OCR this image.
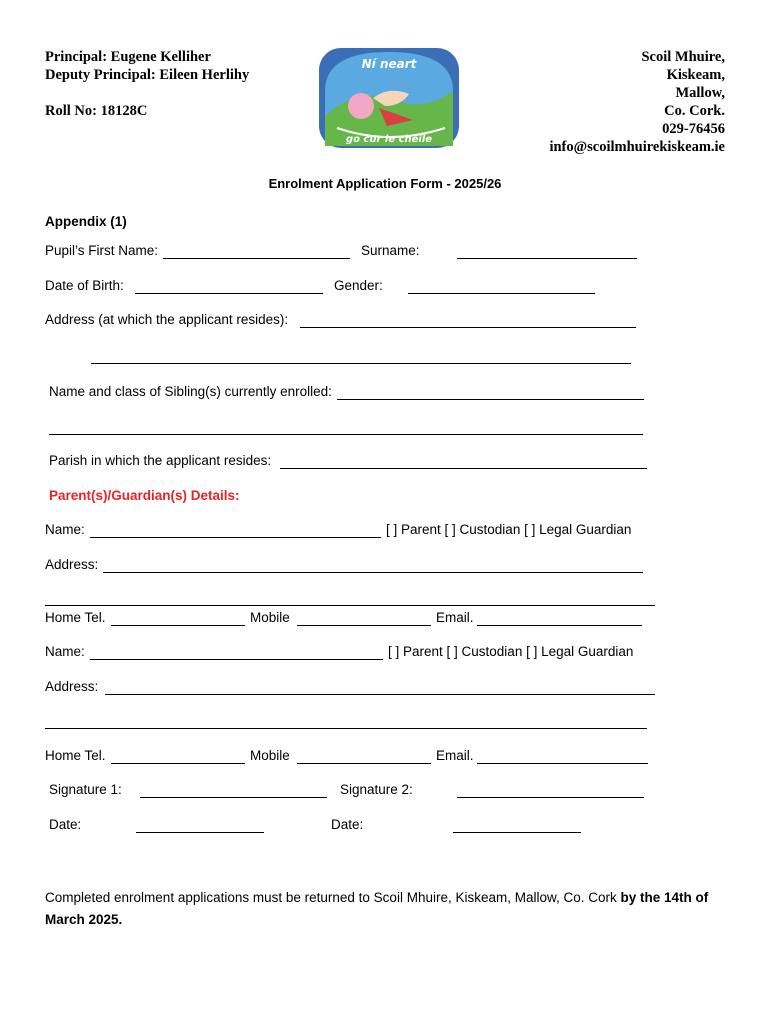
Principal: Eugene Kelliher
Deputy Principal: Eileen Herlihy
Roll No: 18128C
Ní neart
go cur le chéile
Scoil Mhuire,
Kiskeam,
Mallow,
Co. Cork.
029-76456
info@scoilmhuirekiskeam.ie
Enrolment Application Form - 2025/26
Appendix (1)
Pupil’s First Name:	Surname:
Date of Birth:	Gender:
Address (at which the applicant resides):
Name and class of Sibling(s) currently enrolled:
Parish in which the applicant resides:
Parent(s)/Guardian(s) Details:
Name:	[ ] Parent [ ] Custodian [ ] Legal Guardian
Address:
Home Tel.	Mobile	Email.
Name:	[ ] Parent [ ] Custodian [ ] Legal Guardian
Address:
Home Tel.	Mobile	Email.
Signature 1:	Signature 2:
Date:	Date:
Completed enrolment applications must be returned to Scoil Mhuire, Kiskeam, Mallow, Co. Cork by the 14th of March 2025.
